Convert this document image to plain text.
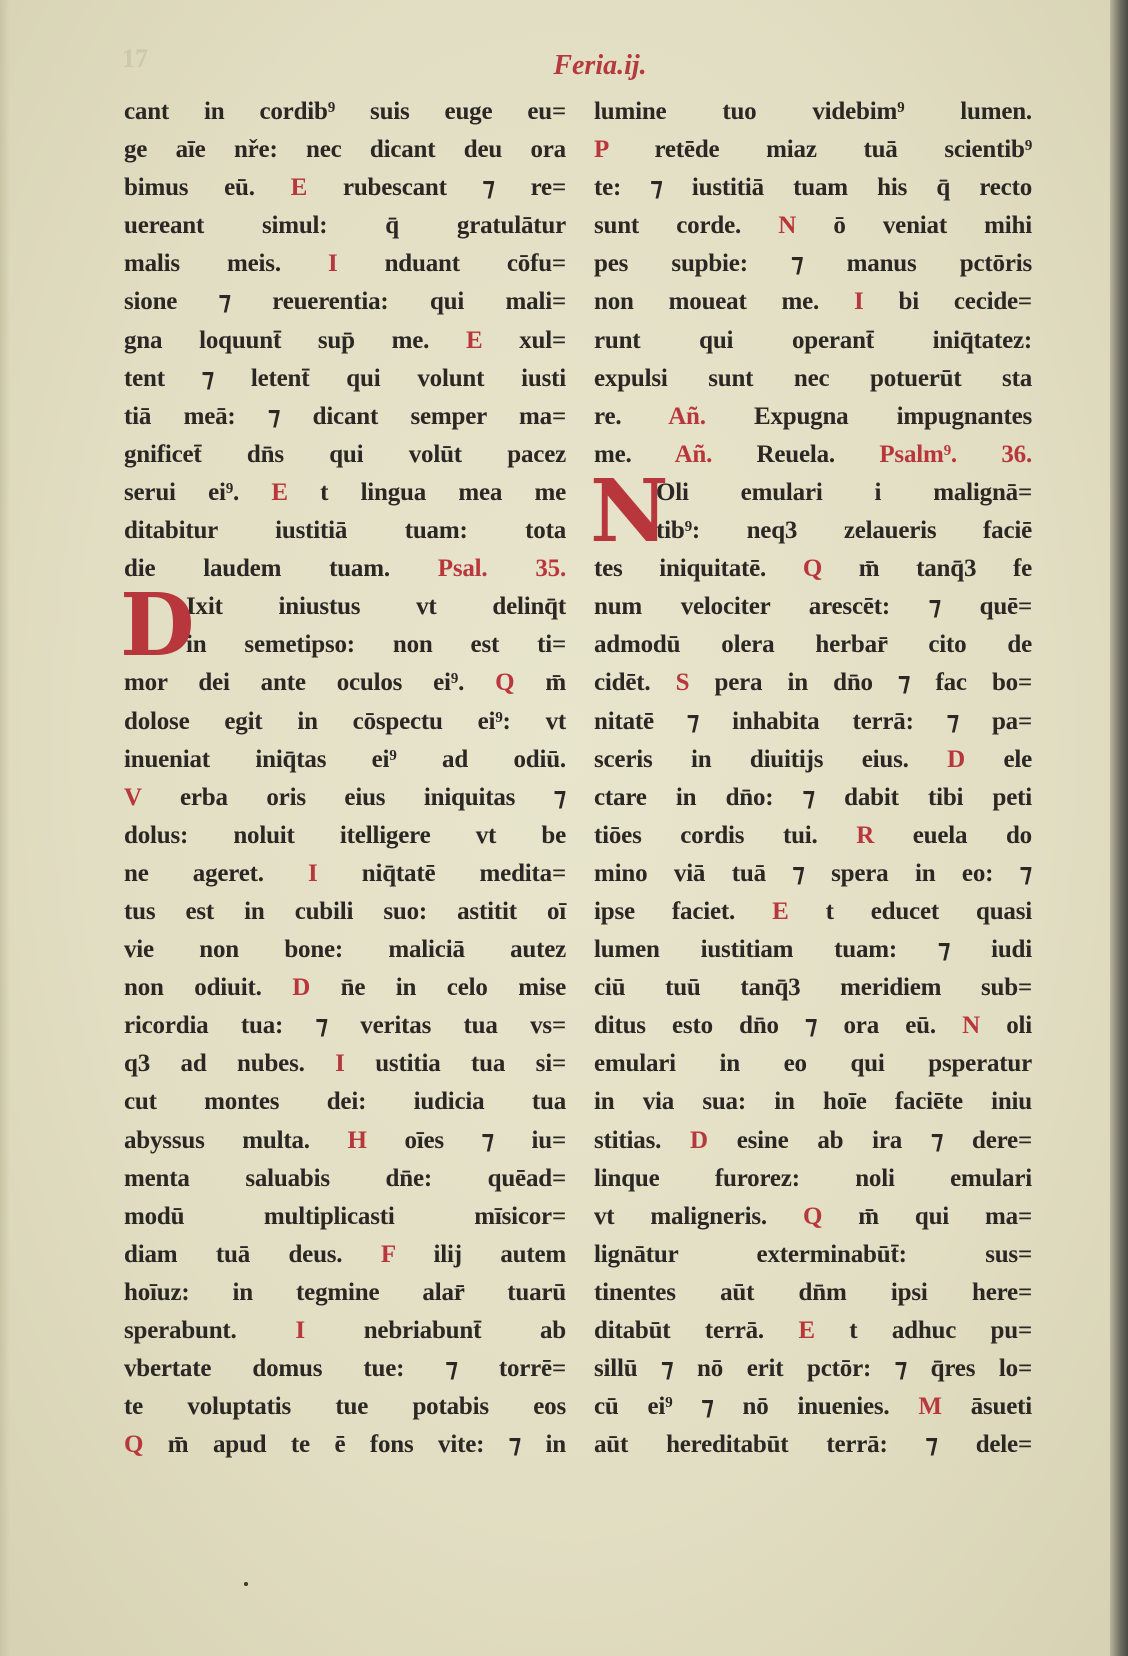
17	Feria.ij.
cant in cordib⁹ suis euge eu=
ge aīe nře: nec dicant deu ora
bimus eū. E rubescant ⁊ re=
uereant simul: q̄ gratulātur
malis meis. I nduant cōfu=
sione ⁊ reuerentia: qui mali=
gna loquunt̄ sup̄ me. E xul=
tent ⁊ letent̄ qui volunt iusti
tiā meā: ⁊ dicant semper ma=
gnificet̄ dn̄s qui volūt pacez
serui ei⁹. E t lingua mea me
ditabitur iustitiā tuam: tota
die laudem tuam. Psal. 35.
Ixit iniustus vt delinq̄t
in semetipso: non est ti=
mor dei ante oculos ei⁹. Q m̄
dolose egit in cōspectu ei⁹: vt
inueniat iniq̄tas ei⁹ ad odiū.
V erba oris eius iniquitas ⁊
dolus: noluit itelligere vt be
ne ageret. I niq̄tatē medita=
tus est in cubili suo: astitit oī
vie non bone: maliciā autez
non odiuit. D n̄e in celo mise
ricordia tua: ⁊ veritas tua vs=
q3 ad nubes. I ustitia tua si=
cut montes dei: iudicia tua
abyssus multa. H oīes ⁊ iu=
menta saluabis dn̄e: quēad=
modū multiplicasti mīsicor=
diam tuā deus. F ilij autem
hoīuz: in tegmine alar̄ tuarū
sperabunt. I nebriabunt̄ ab
vbertate domus tue: ⁊ torrē=
te voluptatis tue potabis eos
Q m̄ apud te ē fons vite: ⁊ in
D
lumine tuo videbim⁹ lumen.
P retēde miaz tuā scientib⁹
te: ⁊ iustitiā tuam his q̄ recto
sunt corde. N ō veniat mihi
pes supbie: ⁊ manus pctōris
non moueat me. I bi cecide=
runt qui operant̄ iniq̄tatez:
expulsi sunt nec potuerūt sta
re. Añ. Expugna impugnantes
me. Añ. Reuela. Psalm⁹. 36.
Oli emulari i malignā=
tib⁹: neq3 zelaueris faciē
tes iniquitatē. Q m̄ tanq̄3 fe
num velociter arescēt: ⁊ quē=
admodū olera herbar̄ cito de
cidēt. S pera in dn̄o ⁊ fac bo=
nitatē ⁊ inhabita terrā: ⁊ pa=
sceris in diuitijs eius. D ele
ctare in dn̄o: ⁊ dabit tibi peti
tiōes cordis tui. R euela do
mino viā tuā ⁊ spera in eo: ⁊
ipse faciet. E t educet quasi
lumen iustitiam tuam: ⁊ iudi
ciū tuū tanq̄3 meridiem sub=
ditus esto dn̄o ⁊ ora eū. N oli
emulari in eo qui psperatur
in via sua: in hoīe faciēte iniu
stitias. D esine ab ira ⁊ dere=
linque furorez: noli emulari
vt maligneris. Q m̄ qui ma=
lignātur exterminabūt̄: sus=
tinentes aūt dn̄m ipsi here=
ditabūt terrā. E t adhuc pu=
sillū ⁊ nō erit pctōr: ⁊ q̄res lo=
cū ei⁹ ⁊ nō inuenies. M āsueti
aūt hereditabūt terrā: ⁊ dele=
N
